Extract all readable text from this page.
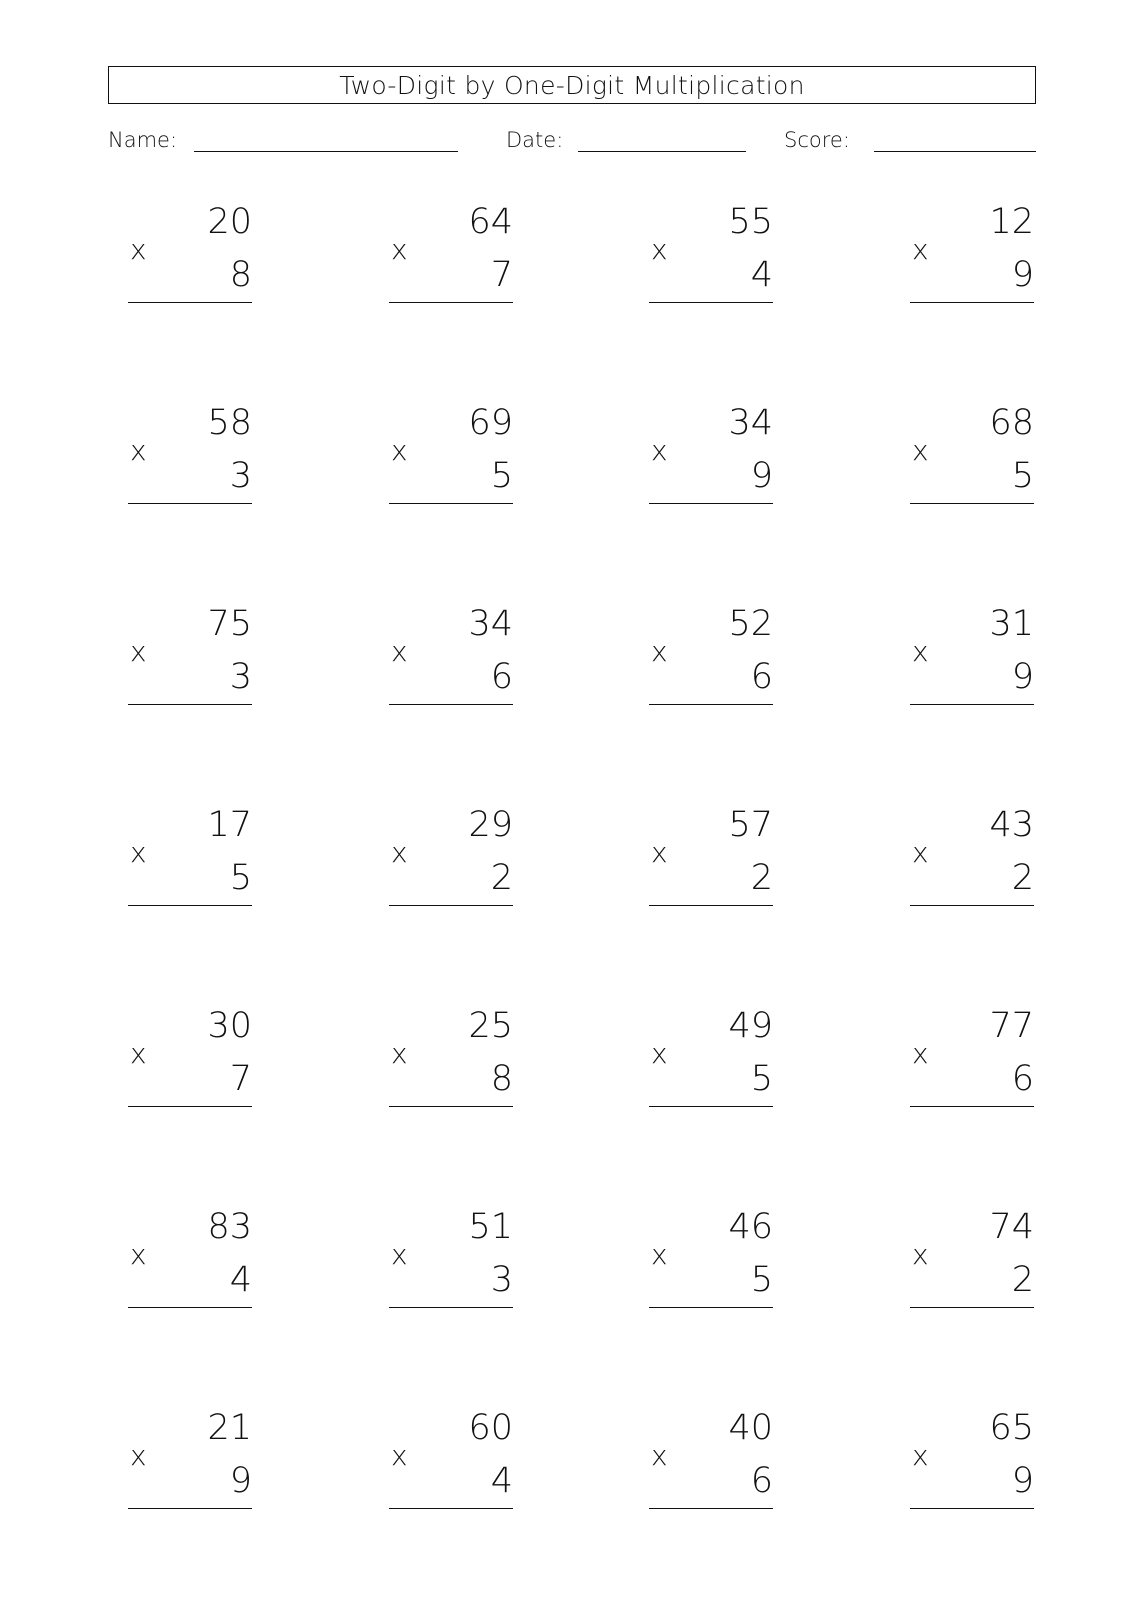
Two-Digit by One-Digit Multiplication
Name:	Date:	Score:
20
x
8
64
x
7
55
x
4
12
x
9
58
x
3
69
x
5
34
x
9
68
x
5
75
x
3
34
x
6
52
x
6
31
x
9
17
x
5
29
x
2
57
x
2
43
x
2
30
x
7
25
x
8
49
x
5
77
x
6
83
x
4
51
x
3
46
x
5
74
x
2
21
x
9
60
x
4
40
x
6
65
x
9
